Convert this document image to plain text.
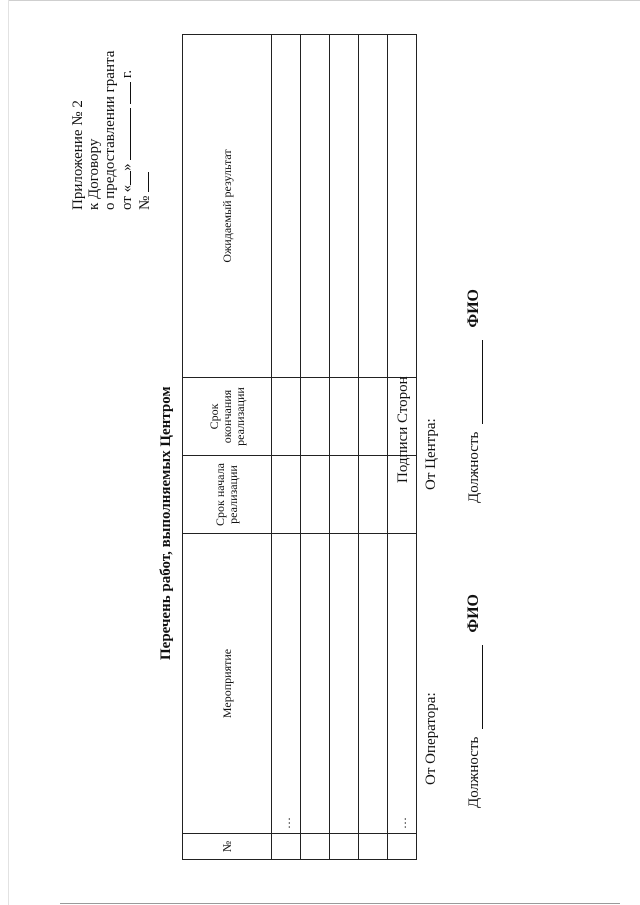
Приложение № 2 к Договору о предоставлении гранта от «»   г.
№
Перечень работ, выполняемых Центром
№	Мероприятие	Срок начала реализации	Срок окончания реализации	Ожидаемый результат
	…			

	…			
Подписи Сторон
От Оператора:
От Центра:
Должность
ФИО
Должность
ФИО
